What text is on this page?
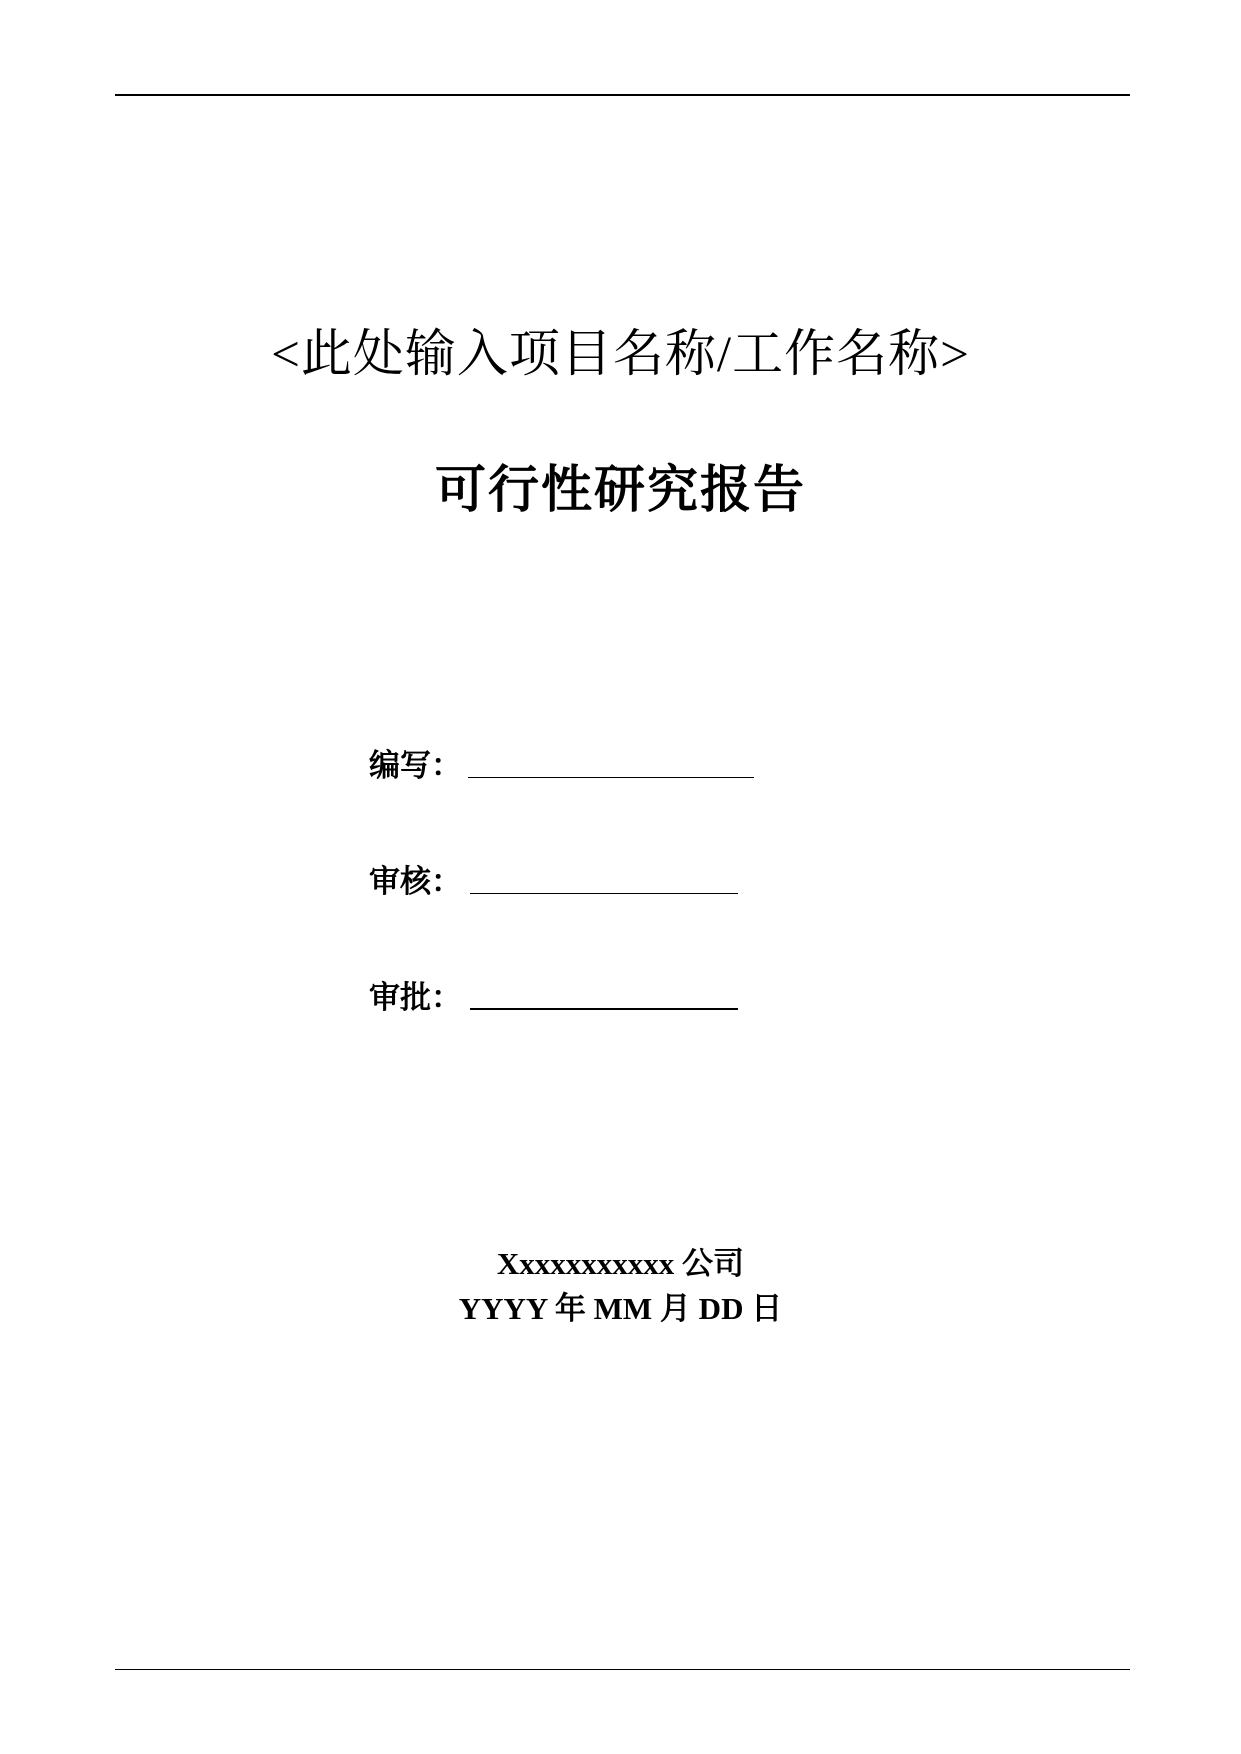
<此处输入项目名称/工作名称>
可行性研究报告
编写：
审核：
审批：
Xxxxxxxxxxx 公司
YYYY 年 MM 月 DD 日
